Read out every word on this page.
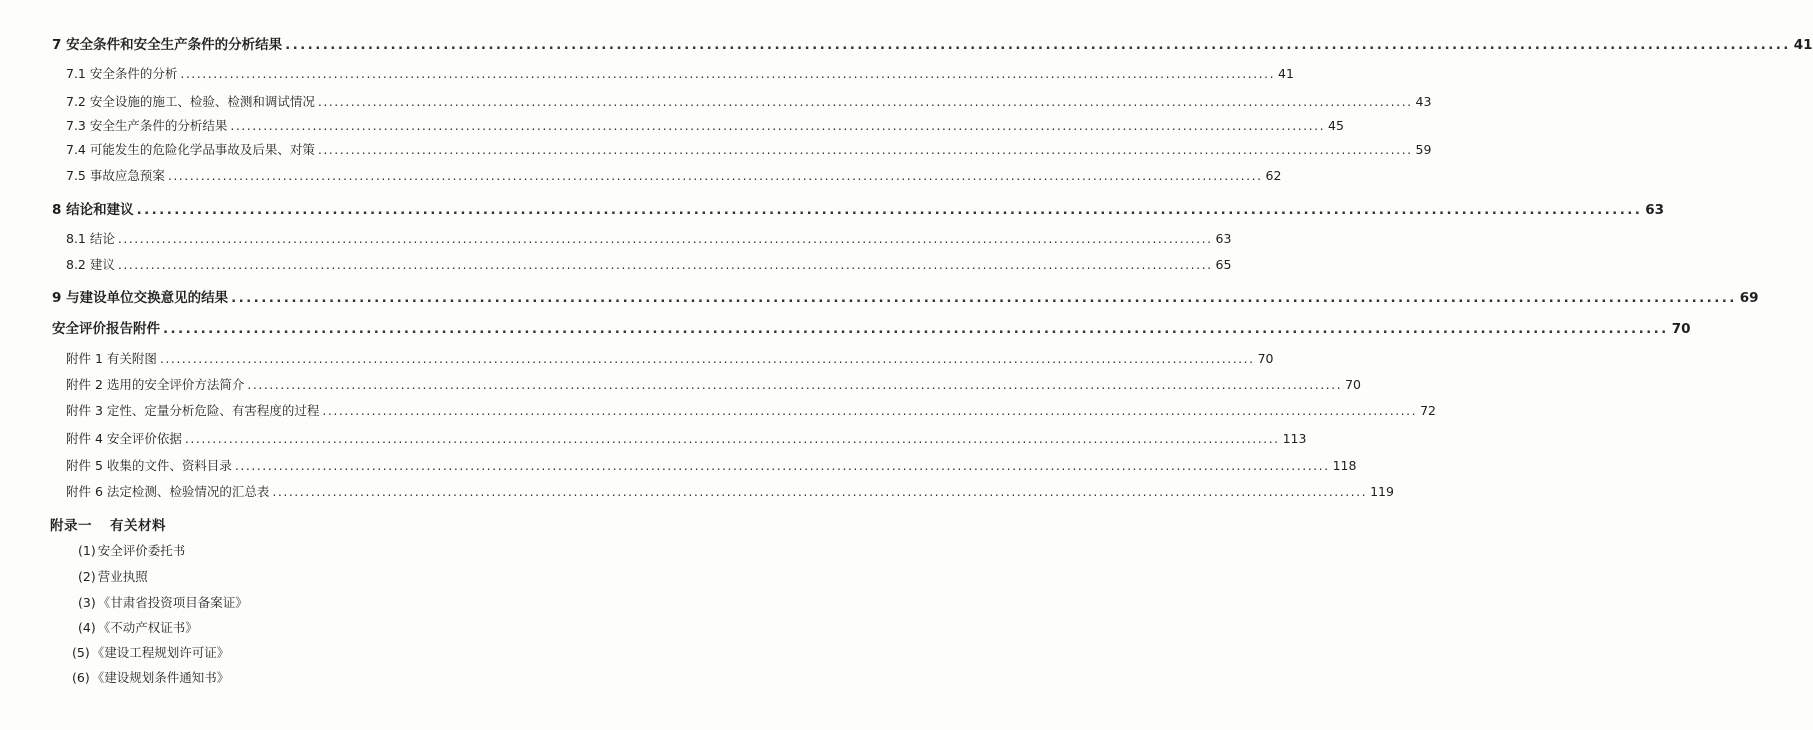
7 安全条件和安全生产条件的分析结果 ........................................................................................................................................................................................................ 41
7.1 安全条件的分析 ........................................................................................................................................................................................................ 41
7.2 安全设施的施工、检验、检测和调试情况 ........................................................................................................................................................................................................ 43
7.3 安全生产条件的分析结果 ........................................................................................................................................................................................................ 45
7.4 可能发生的危险化学品事故及后果、对策 ........................................................................................................................................................................................................ 59
7.5 事故应急预案 ........................................................................................................................................................................................................ 62
8 结论和建议 ........................................................................................................................................................................................................ 63
8.1 结论 ........................................................................................................................................................................................................ 63
8.2 建议 ........................................................................................................................................................................................................ 65
9 与建设单位交换意见的结果 ........................................................................................................................................................................................................ 69
安全评价报告附件 ........................................................................................................................................................................................................ 70
附件 1 有关附图 ........................................................................................................................................................................................................ 70
附件 2 选用的安全评价方法简介 ........................................................................................................................................................................................................ 70
附件 3 定性、定量分析危险、有害程度的过程 ........................................................................................................................................................................................................ 72
附件 4 安全评价依据 ........................................................................................................................................................................................................ 113
附件 5 收集的文件、资料目录 ........................................................................................................................................................................................................ 118
附件 6 法定检测、检验情况的汇总表 ........................................................................................................................................................................................................ 119
附录一 有关材料
(1) 安全评价委托书
(2) 营业执照
(3) 《甘肃省投资项目备案证》
(4) 《不动产权证书》
(5) 《建设工程规划许可证》
(6) 《建设规划条件通知书》
